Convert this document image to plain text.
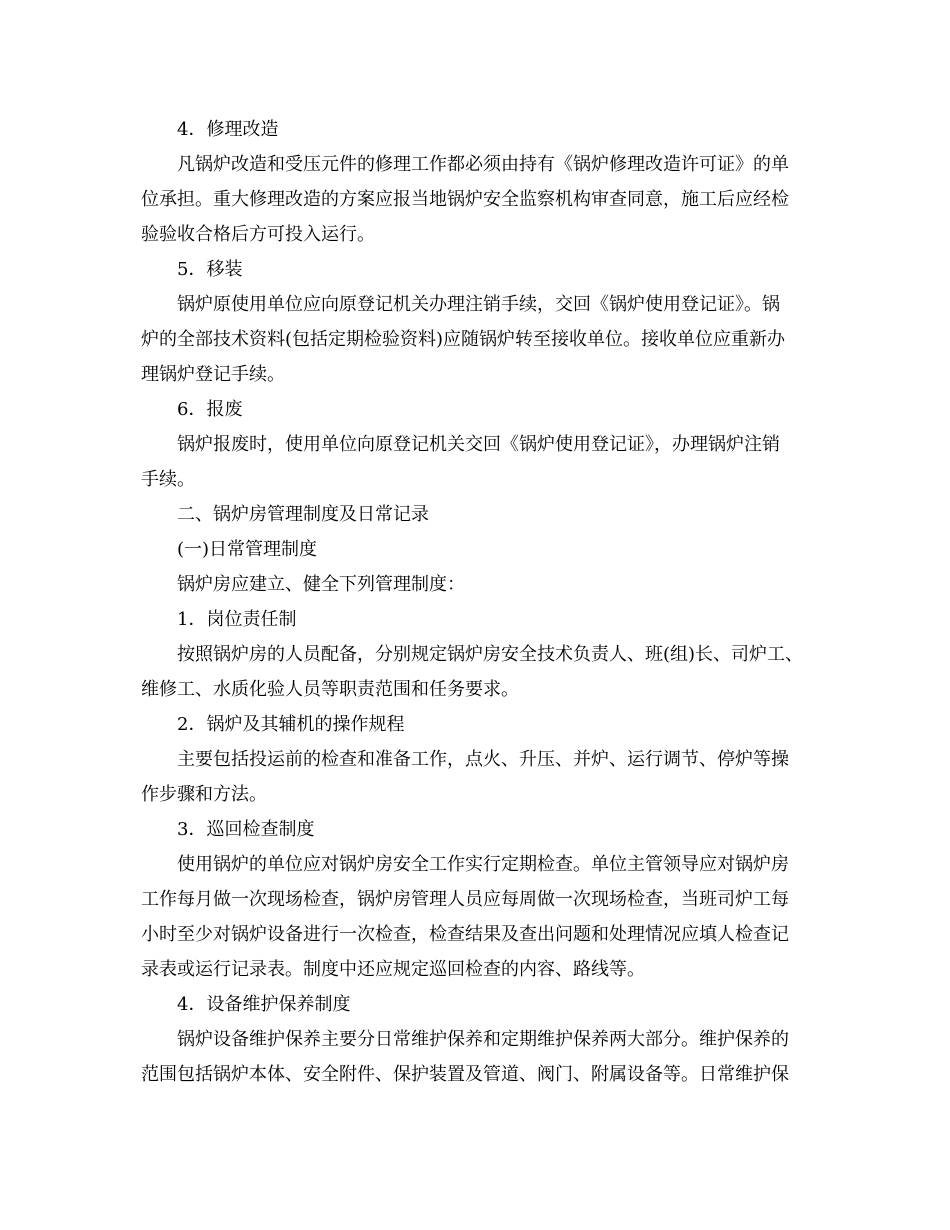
4．修理改造
凡锅炉改造和受压元件的修理工作都必须由持有《锅炉修理改造许可证》的单
位承担。重大修理改造的方案应报当地锅炉安全监察机构审查同意，施工后应经检
验验收合格后方可投入运行。
5．移装
锅炉原使用单位应向原登记机关办理注销手续，交回《锅炉使用登记证》。锅
炉的全部技术资料(包括定期检验资料)应随锅炉转至接收单位。接收单位应重新办
理锅炉登记手续。
6．报废
锅炉报废时，使用单位向原登记机关交回《锅炉使用登记证》，办理锅炉注销
手续。
二、锅炉房管理制度及日常记录
(一)日常管理制度
锅炉房应建立、健全下列管理制度：
1．岗位责任制
按照锅炉房的人员配备，分别规定锅炉房安全技术负责人、班(组)长、司炉工、
维修工、水质化验人员等职责范围和任务要求。
2．锅炉及其辅机的操作规程
主要包括投运前的检查和准备工作，点火、升压、并炉、运行调节、停炉等操
作步骤和方法。
3．巡回检查制度
使用锅炉的单位应对锅炉房安全工作实行定期检查。单位主管领导应对锅炉房
工作每月做一次现场检查，锅炉房管理人员应每周做一次现场检查，当班司炉工每
小时至少对锅炉设备进行一次检查，检查结果及查出问题和处理情况应填人检查记
录表或运行记录表。制度中还应规定巡回检查的内容、路线等。
4．设备维护保养制度
锅炉设备维护保养主要分日常维护保养和定期维护保养两大部分。维护保养的
范围包括锅炉本体、安全附件、保护装置及管道、阀门、附属设备等。日常维护保
